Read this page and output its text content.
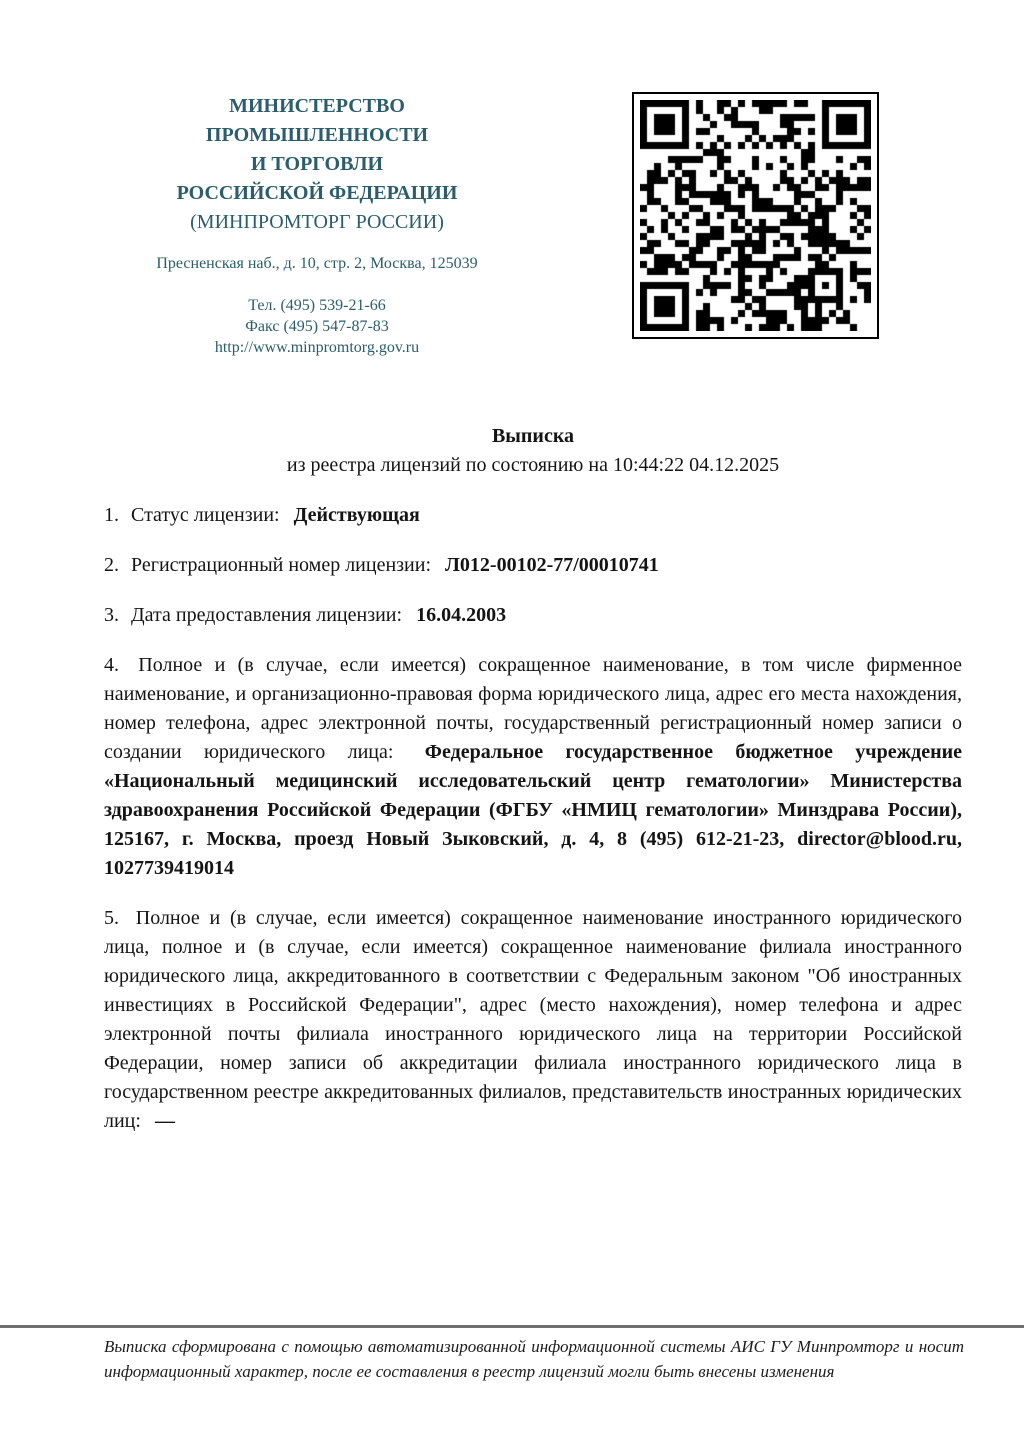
МИНИСТЕРСТВО
ПРОМЫШЛЕННОСТИ
И ТОРГОВЛИ
РОССИЙСКОЙ ФЕДЕРАЦИИ
(МИНПРОМТОРГ РОССИИ)
Пресненская наб., д. 10, стр. 2, Москва, 125039
Тел. (495) 539-21-66
Факс (495) 547-87-83
http://www.minpromtorg.gov.ru
Выписка
из реестра лицензий по состоянию на 10:44:22 04.12.2025

1. Статус лицензии: Действующая

2. Регистрационный номер лицензии: Л012-00102-77/00010741

3. Дата предоставления лицензии: 16.04.2003

4. Полное и (в случае, если имеется) сокращенное наименование, в том числе фирменное наименование, и организационно-правовая форма юридического лица, адрес его места нахождения, номер телефона, адрес электронной почты, государственный регистрационный номер записи о создании юридического лица: Федеральное государственное бюджетное учреждение «Национальный медицинский исследовательский центр гематологии» Министерства здравоохранения Российской Федерации (ФГБУ «НМИЦ гематологии» Минздрава России), 125167, г. Москва, проезд Новый Зыковский, д. 4, 8 (495) 612-21-23, director@blood.ru, 1027739419014

5. Полное и (в случае, если имеется) сокращенное наименование иностранного юридического лица, полное и (в случае, если имеется) сокращенное наименование филиала иностранного юридического лица, аккредитованного в соответствии с Федеральным законом "Об иностранных инвестициях в Российской Федерации", адрес (место нахождения), номер телефона и адрес электронной почты филиала иностранного юридического лица на территории Российской Федерации, номер записи об аккредитации филиала иностранного юридического лица в государственном реестре аккредитованных филиалов, представительств иностранных юридических лиц: —

Выписка сформирована с помощью автоматизированной информационной системы АИС ГУ Минпромторг и носит информационный характер, после ее составления в реестр лицензий могли быть внесены изменения
